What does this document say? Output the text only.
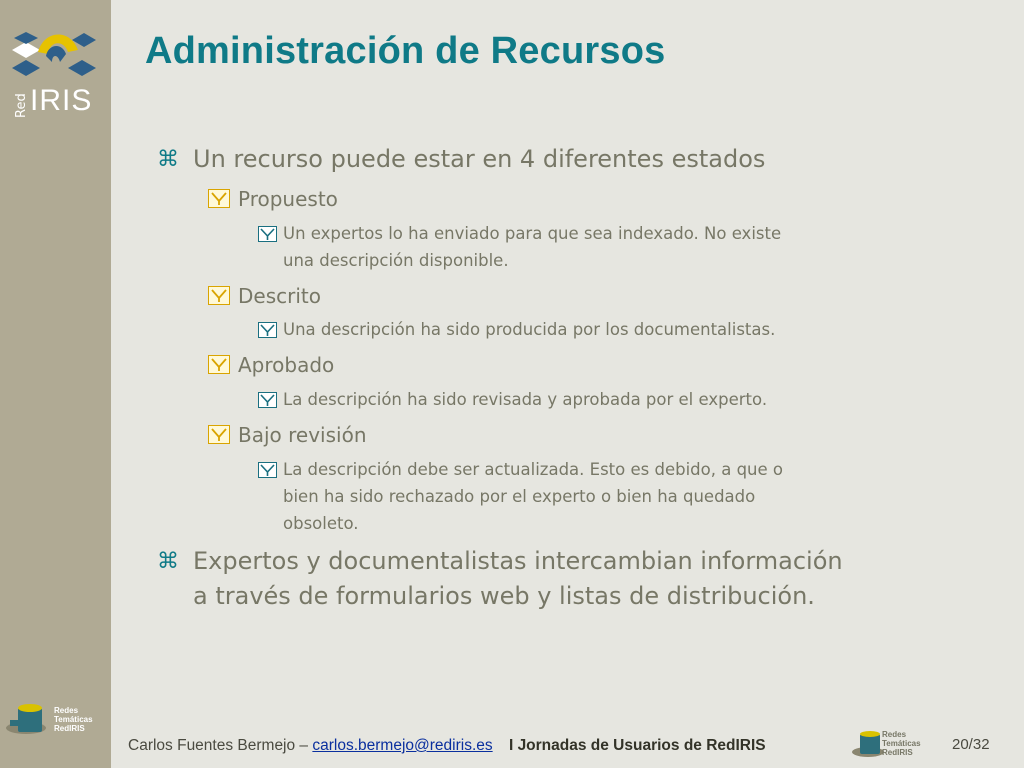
Red IRIS
Redes
Temáticas
RedIRIS
Administración de Recursos
⌘ Un recurso puede estar en 4 diferentes estados
Propuesto
Un expertos lo ha enviado para que sea indexado. No existe
una descripción disponible.
Descrito
Una descripción ha sido producida por los documentalistas.
Aprobado
La descripción ha sido revisada y aprobada por el experto.
Bajo revisión
La descripción debe ser actualizada. Esto es debido, a que o
bien ha sido rechazado por el experto o bien ha quedado
obsoleto.
⌘ Expertos y documentalistas intercambian información
a través de formularios web y listas de distribución.
Carlos Fuentes Bermejo – carlos.bermejo@rediris.es I Jornadas de Usuarios de RedIRIS
Redes
Temáticas
RedIRIS	20/32
